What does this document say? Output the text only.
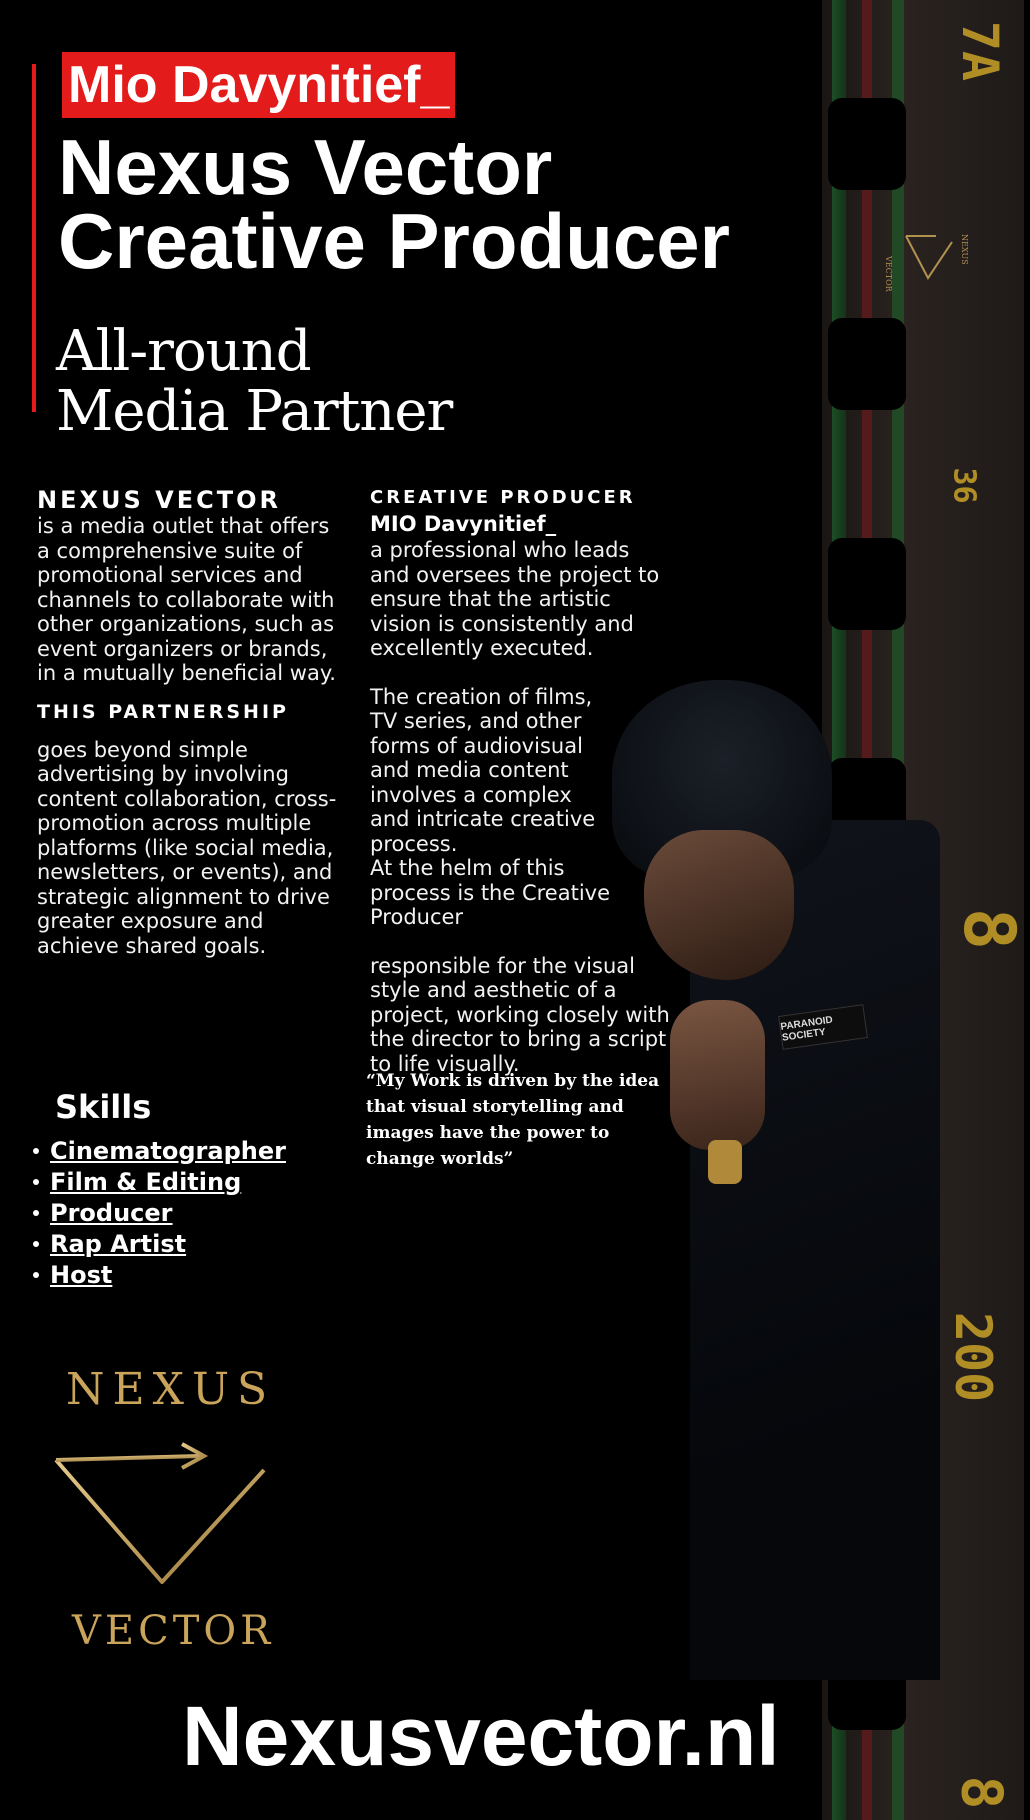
7A
36
8
200
8
VECTOR
NEXUS
PARANOID SOCIETY
Mio Davynitief_
Nexus Vector
Creative Producer
All-round
Media Partner
NEXUS VECTOR
is a media outlet that offers a comprehensive suite of promotional services and channels to collaborate with other organizations, such as event organizers or brands, in a mutually beneficial way.
THIS PARTNERSHIP
goes beyond simple advertising by involving content collaboration, cross-promotion across multiple platforms (like social media, newsletters, or events), and strategic alignment to drive greater exposure and achieve shared goals.
CREATIVE PRODUCER
MIO Davynitief_
a professional who leads and oversees the project to ensure that the artistic vision is consistently and excellently executed.
The creation of films, TV series, and other forms of audiovisual and media content involves a complex and intricate creative process.
At the helm of this process is the Creative Producer
responsible for the visual style and aesthetic of a project, working closely with the director to bring a script to life visually.
“My Work is driven by the idea that visual storytelling and images have the power to change worlds”
Skills
Cinematographer
Film & Editing
Producer
Rap Artist
Host
NEXUS
VECTOR
Nexusvector.nl
